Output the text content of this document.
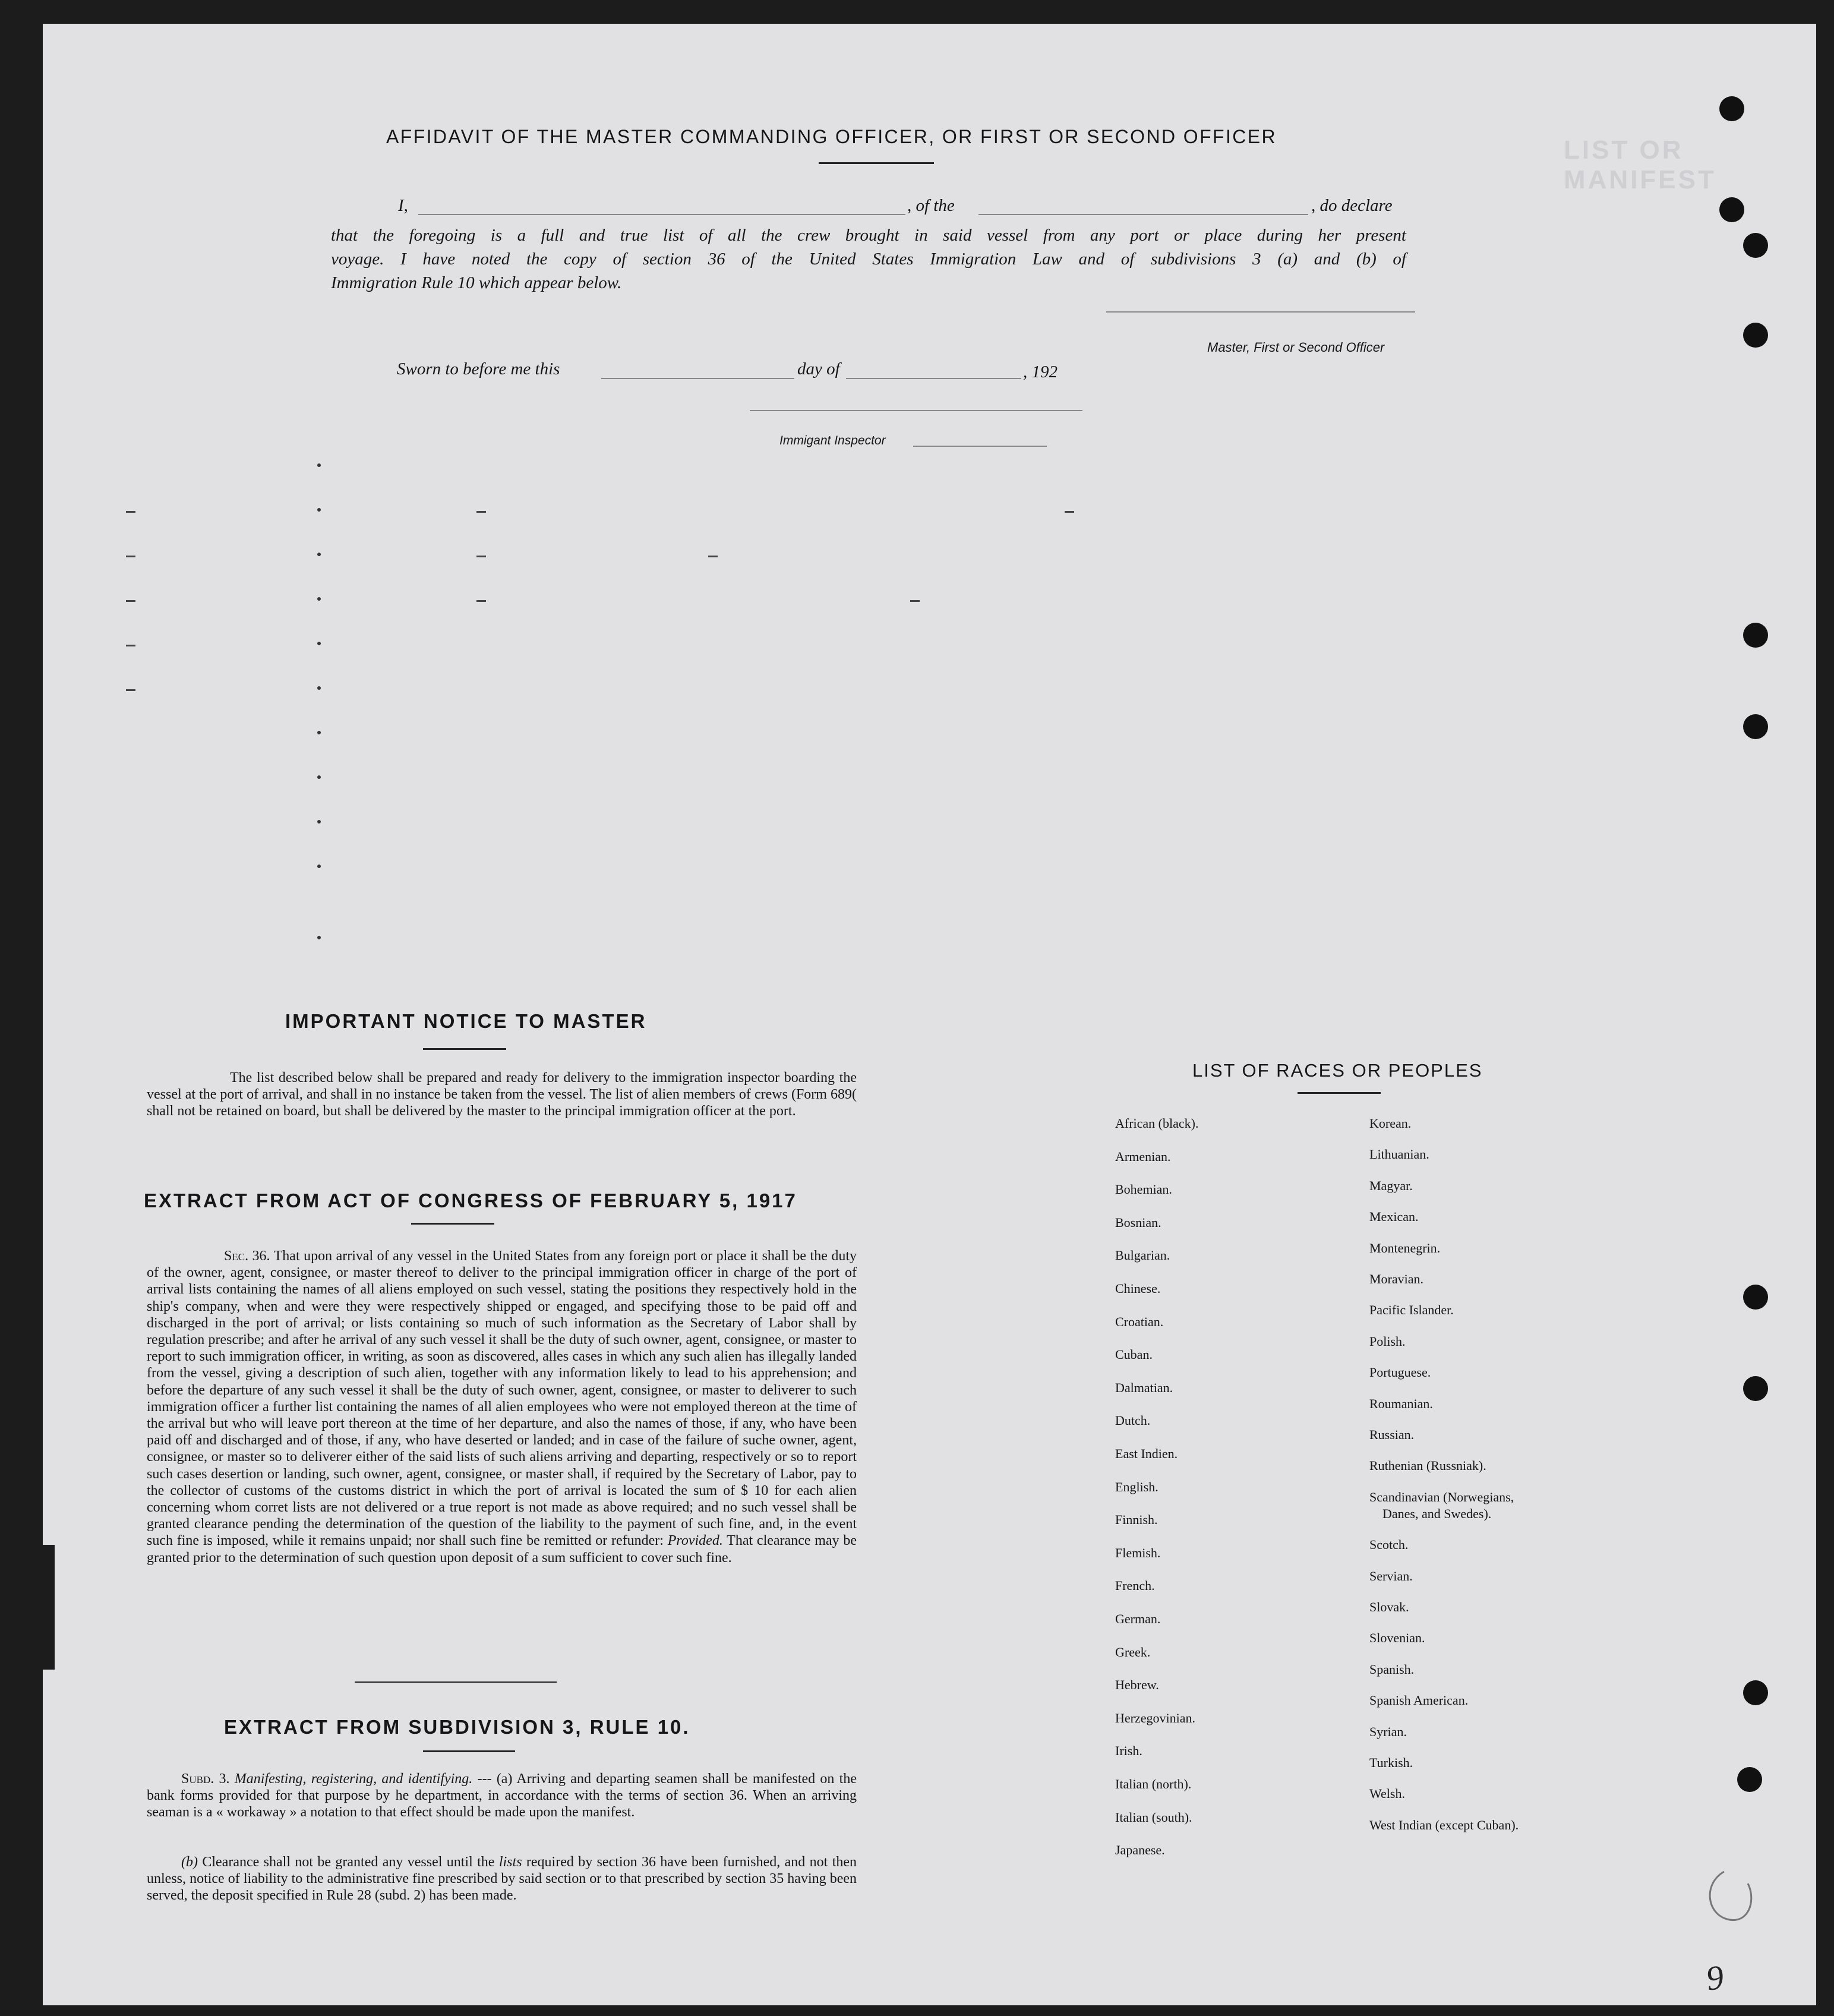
LIST OR MANIFEST
AFFIDAVIT OF THE MASTER COMMANDING OFFICER, OR FIRST OR SECOND OFFICER
I,	, of the	, do declare
that the foregoing is a full and true list of all the crew brought in said vessel from any port or place during her present
voyage. I have noted the copy of section 36 of the United States Immigration Law and of subdivisions 3 (a) and (b) of
Immigration Rule 10 which appear below.
Master, First or Second Officer
Sworn to before me this	day of	, 192
Immigant Inspector
IMPORTANT NOTICE TO MASTER
The list described below shall be prepared and ready for delivery to the immigration inspector boarding the vessel at the port of arrival, and shall in no instance be taken from the vessel. The list of alien members of crews (Form 689( shall not be retained on board, but shall be delivered by the master to the principal immigration officer at the port.
EXTRACT FROM ACT OF CONGRESS OF FEBRUARY 5, 1917
Sec. 36. That upon arrival of any vessel in the United States from any foreign port or place it shall be the duty of the owner, agent, consignee, or master thereof to deliver to the principal immigration officer in charge of the port of arrival lists containing the names of all aliens employed on such vessel, stating the positions they respectively hold in the ship's company, when and were they were respectively shipped or engaged, and specifying those to be paid off and discharged in the port of arrival; or lists containing so much of such information as the Secretary of Labor shall by regulation prescribe; and after he arrival of any such vessel it shall be the duty of such owner, agent, consignee, or master to report to such immigration officer, in writing, as soon as discovered, alles cases in which any such alien has illegally landed from the vessel, giving a description of such alien, together with any information likely to lead to his apprehension; and before the departure of any such vessel it shall be the duty of such owner, agent, consignee, or master to deliverer to such immigration officer a further list containing the names of all alien employees who were not employed thereon at the time of the arrival but who will leave port thereon at the time of her departure, and also the names of those, if any, who have been paid off and discharged and of those, if any, who have deserted or landed; and in case of the failure of suche owner, agent, consignee, or master so to deliverer either of the said lists of such aliens arriving and departing, respectively or so to report such cases desertion or landing, such owner, agent, consignee, or master shall, if required by the Secretary of Labor, pay to the collector of customs of the customs district in which the port of arrival is located the sum of $ 10 for each alien concerning whom corret lists are not delivered or a true report is not made as above required; and no such vessel shall be granted clearance pending the determination of the question of the liability to the payment of such fine, and, in the event such fine is imposed, while it remains unpaid; nor shall such fine be remitted or refunder: Provided. That clearance may be granted prior to the determination of such question upon deposit of a sum sufficient to cover such fine.
EXTRACT FROM SUBDIVISION 3, RULE 10.
Subd. 3. Manifesting, registering, and identifying. --- (a) Arriving and departing seamen shall be manifested on the bank forms provided for that purpose by he department, in accordance with the terms of section 36. When an arriving seaman is a « workaway » a notation to that effect should be made upon the manifest.
(b) Clearance shall not be granted any vessel until the lists required by section 36 have been furnished, and not then unless, notice of liability to the administrative fine prescribed by said section or to that prescribed by section 35 having been served, the deposit specified in Rule 28 (subd. 2) has been made.
LIST OF RACES OR PEOPLES
9
African (black).
Armenian.
Bohemian.
Bosnian.
Bulgarian.
Chinese.
Croatian.
Cuban.
Dalmatian.
Dutch.
East Indien.
English.
Finnish.
Flemish.
French.
German.
Greek.
Hebrew.
Herzegovinian.
Irish.
Italian (north).
Italian (south).
Japanese.
Korean.
Lithuanian.
Magyar.
Mexican.
Montenegrin.
Moravian.
Pacific Islander.
Polish.
Portuguese.
Roumanian.
Russian.
Ruthenian (Russniak).
Scandinavian (Norwegians,
Danes, and Swedes).
Scotch.
Servian.
Slovak.
Slovenian.
Spanish.
Spanish American.
Syrian.
Turkish.
Welsh.
West Indian (except Cuban).
